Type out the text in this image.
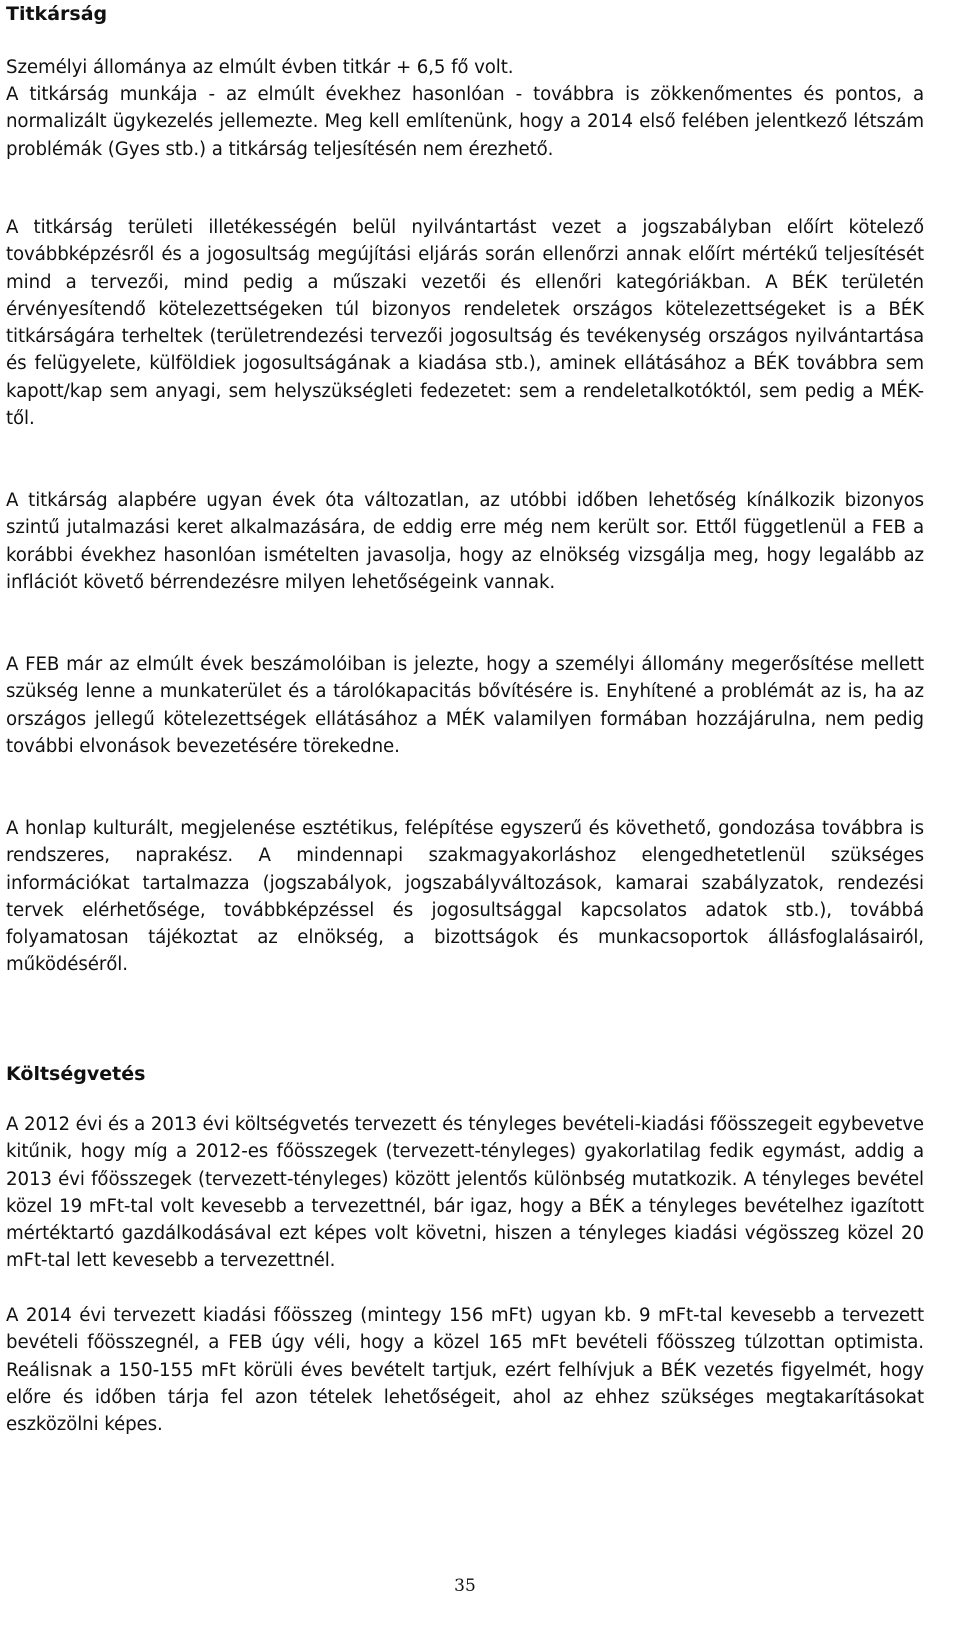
Titkárság

Személyi állománya az elmúlt évben titkár + 6,5 fő volt.

A titkárság munkája - az elmúlt évekhez hasonlóan - továbbra is zökkenőmentes és pontos, a normalizált ügykezelés jellemezte. Meg kell említenünk, hogy a 2014 első felében jelentkező létszám problémák (Gyes stb.) a titkárság teljesítésén nem érezhető.

A titkárság területi illetékességén belül nyilvántartást vezet a jogszabályban előírt kötelező továbbképzésről és a jogosultság megújítási eljárás során ellenőrzi annak előírt mértékű teljesítését mind a tervezői, mind pedig a műszaki vezetői és ellenőri kategóriákban. A BÉK területén érvényesítendő kötelezettségeken túl bizonyos rendeletek országos kötelezettségeket is a BÉK titkárságára terheltek (területrendezési tervezői jogosultság és tevékenység országos nyilvántartása és felügyelete, külföldiek jogosultságának a kiadása stb.), aminek ellátásához a BÉK továbbra sem kapott/kap sem anyagi, sem helyszükségleti fedezetet: sem a rendeletalkotóktól, sem pedig a MÉK-től.

A titkárság alapbére ugyan évek óta változatlan, az utóbbi időben lehetőség kínálkozik bizonyos szintű jutalmazási keret alkalmazására, de eddig erre még nem került sor. Ettől függetlenül a FEB a korábbi évekhez hasonlóan ismételten javasolja, hogy az elnökség vizsgálja meg, hogy legalább az inflációt követő bérrendezésre milyen lehetőségeink vannak.

A FEB már az elmúlt évek beszámolóiban is jelezte, hogy a személyi állomány megerősítése mellett szükség lenne a munkaterület és a tárolókapacitás bővítésére is. Enyhítené a problémát az is, ha az országos jellegű kötelezettségek ellátásához a MÉK valamilyen formában hozzájárulna, nem pedig további elvonások bevezetésére törekedne.

A honlap kulturált, megjelenése esztétikus, felépítése egyszerű és követhető, gondozása továbbra is rendszeres, naprakész. A mindennapi szakmagyakorláshoz elengedhetetlenül szükséges információkat tartalmazza (jogszabályok, jogszabályváltozások, kamarai szabályzatok, rendezési tervek elérhetősége, továbbképzéssel és jogosultsággal kapcsolatos adatok stb.), továbbá folyamatosan tájékoztat az elnökség, a bizottságok és munkacsoportok állásfoglalásairól, működéséről.

Költségvetés

A 2012 évi és a 2013 évi költségvetés tervezett és tényleges bevételi-kiadási főösszegeit egybevetve kitűnik, hogy míg a 2012-es főösszegek (tervezett-tényleges) gyakorlatilag fedik egymást, addig a 2013 évi főösszegek (tervezett-tényleges) között jelentős különbség mutatkozik. A tényleges bevétel közel 19 mFt-tal volt kevesebb a tervezettnél, bár igaz, hogy a BÉK a tényleges bevételhez igazított mértéktartó gazdálkodásával ezt képes volt követni, hiszen a tényleges kiadási végösszeg közel 20 mFt-tal lett kevesebb a tervezettnél.

A 2014 évi tervezett kiadási főösszeg (mintegy 156 mFt) ugyan kb. 9 mFt-tal kevesebb a tervezett bevételi főösszegnél, a FEB úgy véli, hogy a közel 165 mFt bevételi főösszeg túlzottan optimista. Reálisnak a 150-155 mFt körüli éves bevételt tartjuk, ezért felhívjuk a BÉK vezetés figyelmét, hogy előre és időben tárja fel azon tételek lehetőségeit, ahol az ehhez szükséges megtakarításokat eszközölni képes.

35
